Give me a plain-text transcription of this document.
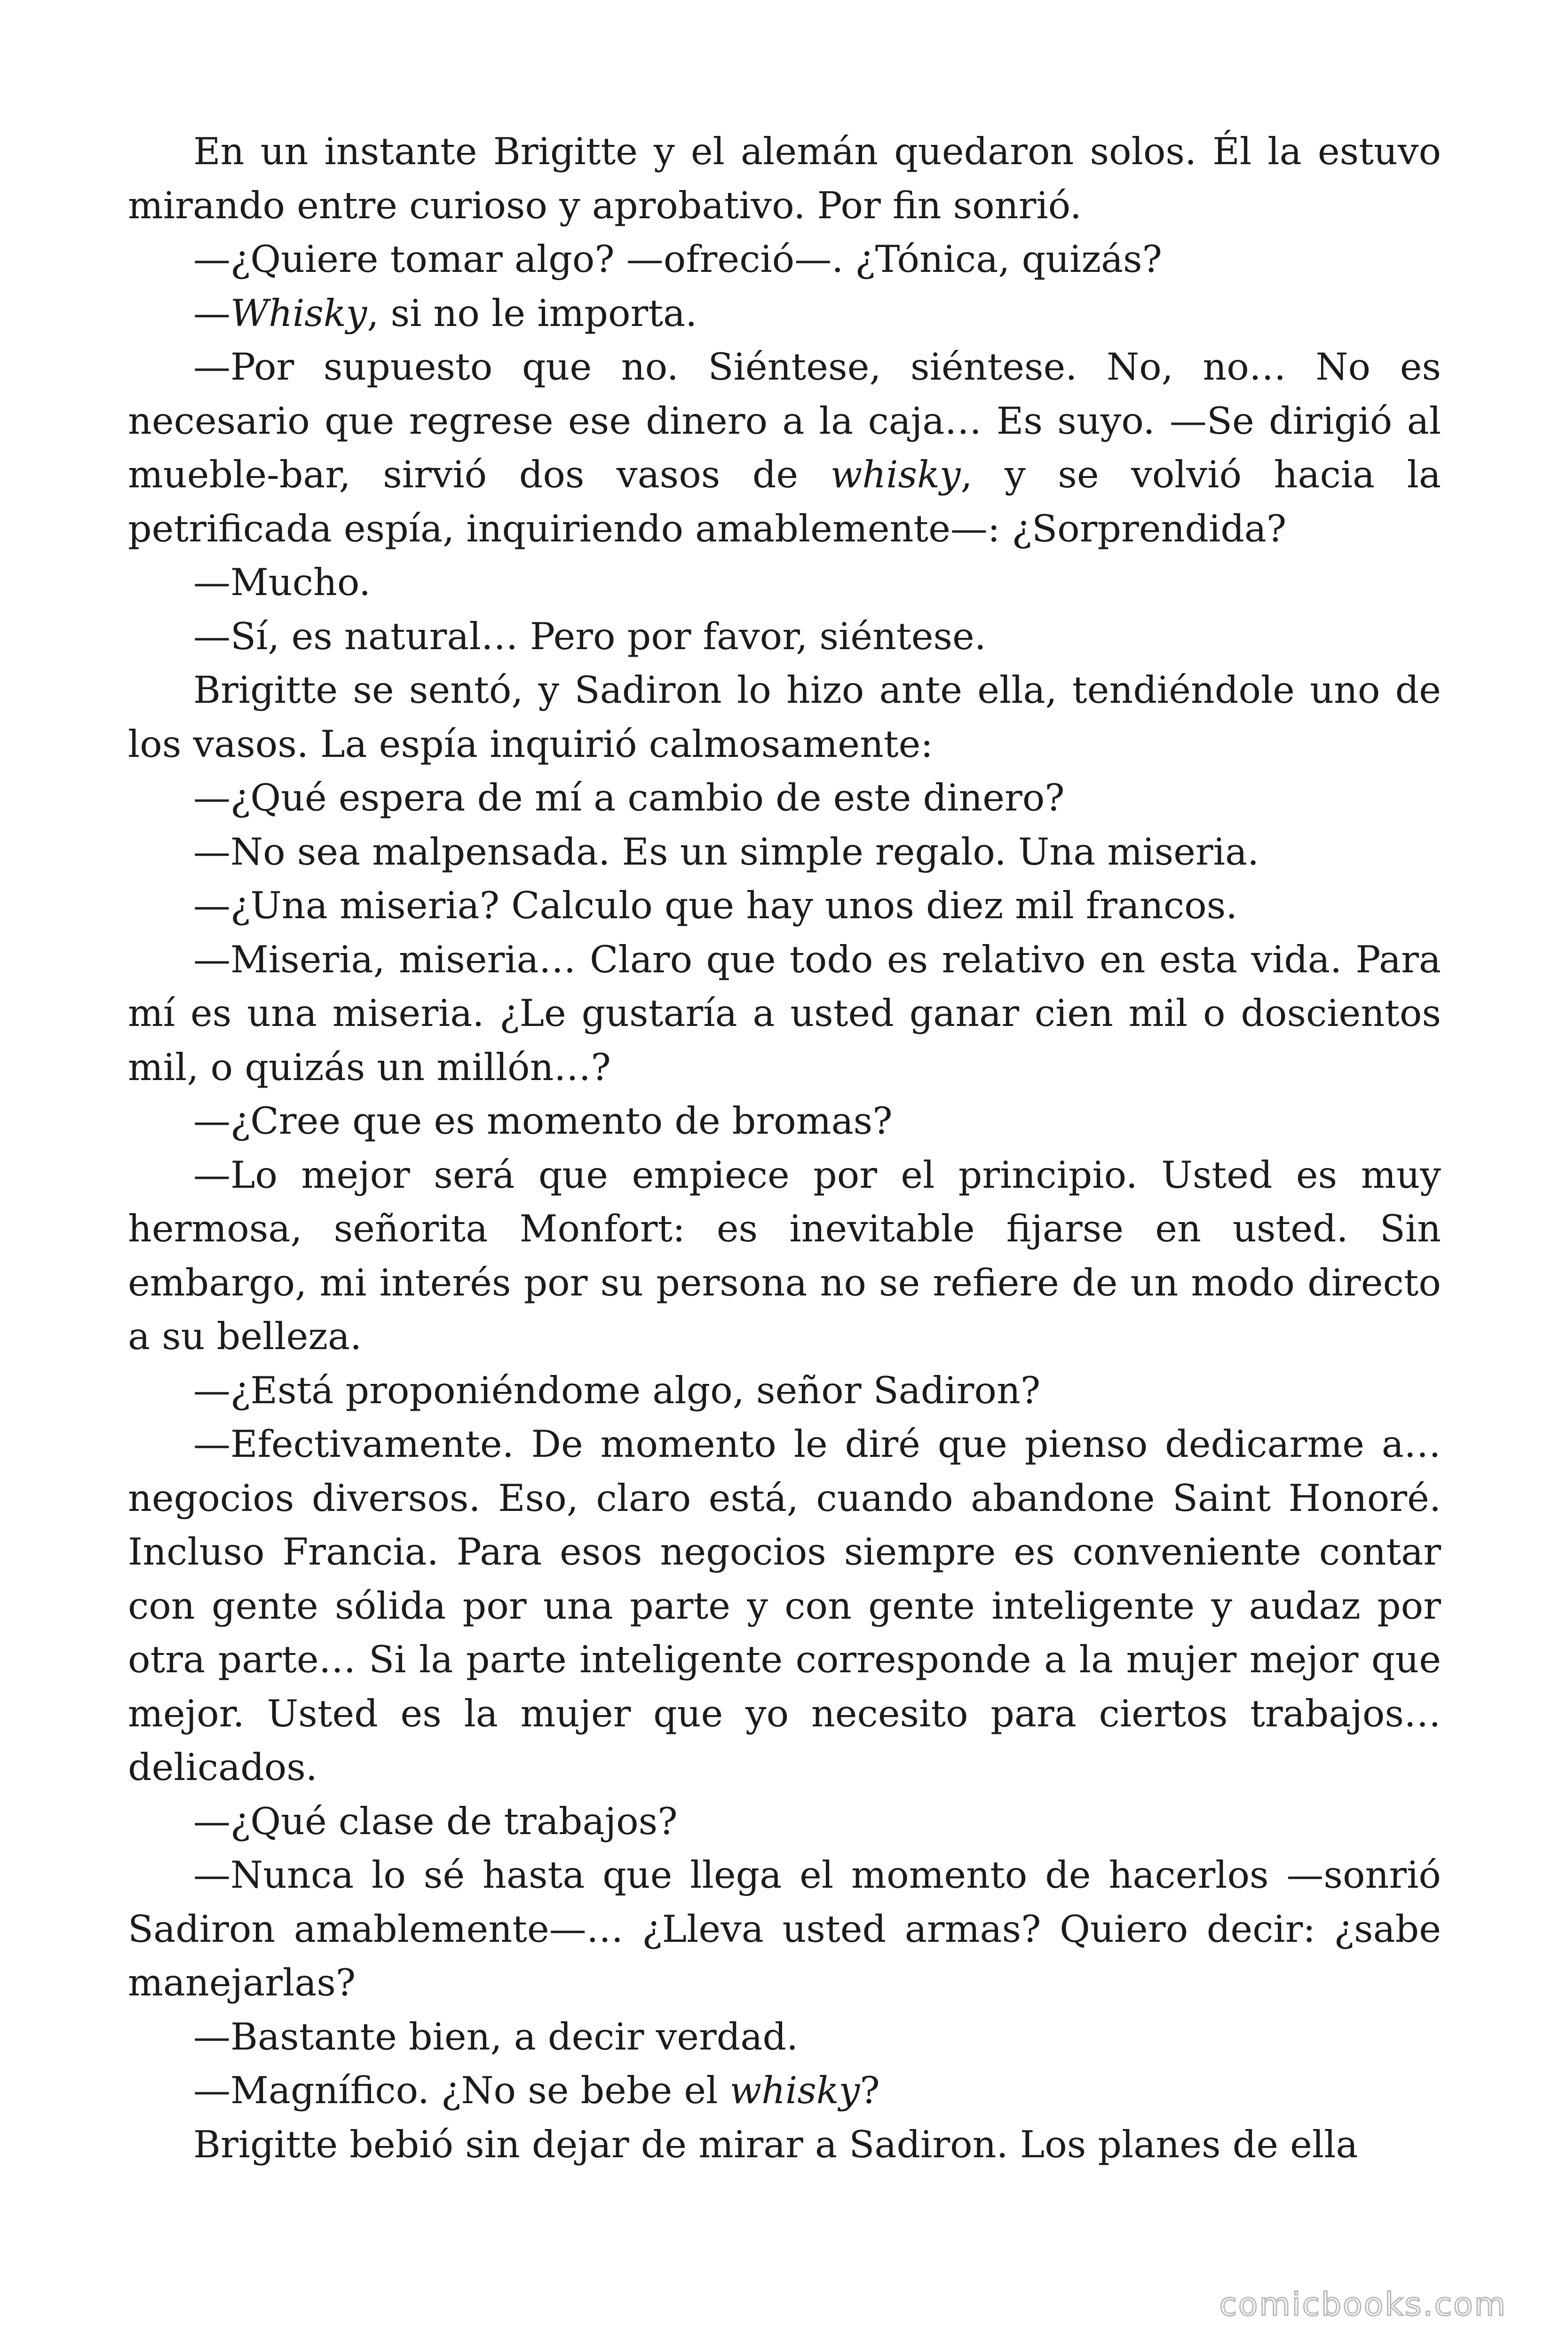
En un instante Brigitte y el alemán quedaron solos. Él la estuvo mirando entre curioso y aprobativo. Por fin sonrió.

—¿Quiere tomar algo? —ofreció—. ¿Tónica, quizás?

—Whisky, si no le importa.

—Por supuesto que no. Siéntese, siéntese. No, no… No es necesario que regrese ese dinero a la caja… Es suyo. —Se dirigió al mueble-bar, sirvió dos vasos de whisky, y se volvió hacia la petrificada espía, inquiriendo amablemente—: ¿Sorprendida?

—Mucho.

—Sí, es natural… Pero por favor, siéntese.

Brigitte se sentó, y Sadiron lo hizo ante ella, tendiéndole uno de los vasos. La espía inquirió calmosamente:

—¿Qué espera de mí a cambio de este dinero?

—No sea malpensada. Es un simple regalo. Una miseria.

—¿Una miseria? Calculo que hay unos diez mil francos.

—Miseria, miseria… Claro que todo es relativo en esta vida. Para mí es una miseria. ¿Le gustaría a usted ganar cien mil o doscientos mil, o quizás un millón…?

—¿Cree que es momento de bromas?

—Lo mejor será que empiece por el principio. Usted es muy hermosa, señorita Monfort: es inevitable fijarse en usted. Sin embargo, mi interés por su persona no se refiere de un modo directo a su belleza.

—¿Está proponiéndome algo, señor Sadiron?

—Efectivamente. De momento le diré que pienso dedicarme a… negocios diversos. Eso, claro está, cuando abandone Saint Honoré. Incluso Francia. Para esos negocios siempre es conveniente contar con gente sólida por una parte y con gente inteligente y audaz por otra parte… Si la parte inteligente corresponde a la mujer mejor que mejor. Usted es la mujer que yo necesito para ciertos trabajos… delicados.

—¿Qué clase de trabajos?

—Nunca lo sé hasta que llega el momento de hacerlos —sonrió Sadiron amablemente—… ¿Lleva usted armas? Quiero decir: ¿sabe manejarlas?

—Bastante bien, a decir verdad.

—Magnífico. ¿No se bebe el whisky?

Brigitte bebió sin dejar de mirar a Sadiron. Los planes de ella

comicbooks.com
